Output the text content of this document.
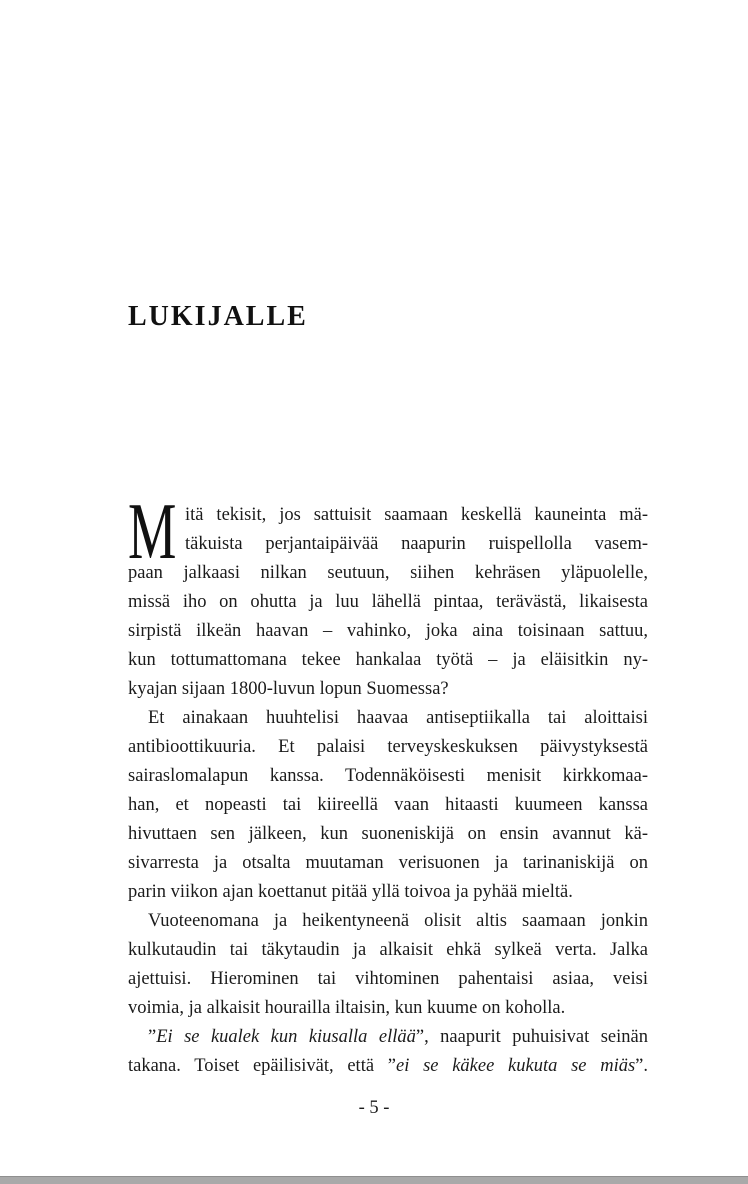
LUKIJALLE
Mitä tekisit, jos sattuisit saamaan keskellä kauneinta mä-
täkuista perjantaipäivää naapurin ruispellolla vasem-
paan jalkaasi nilkan seutuun, siihen kehräsen yläpuolelle,
missä iho on ohutta ja luu lähellä pintaa, terävästä, likaisesta
sirpistä ilkeän haavan – vahinko, joka aina toisinaan sattuu,
kun tottumattomana tekee hankalaa työtä – ja eläisitkin ny-
kyajan sijaan 1800-luvun lopun Suomessa?
Et ainakaan huuhtelisi haavaa antiseptiikalla tai aloittaisi
antibioottikuuria. Et palaisi terveyskeskuksen päivystyksestä
sairaslomalapun kanssa. Todennäköisesti menisit kirkkomaa-
han, et nopeasti tai kiireellä vaan hitaasti kuumeen kanssa
hivuttaen sen jälkeen, kun suoneniskijä on ensin avannut kä-
sivarresta ja otsalta muutaman verisuonen ja tarinaniskijä on
parin viikon ajan koettanut pitää yllä toivoa ja pyhää mieltä.
Vuoteenomana ja heikentyneenä olisit altis saamaan jonkin
kulkutaudin tai täkytaudin ja alkaisit ehkä sylkeä verta. Jalka
ajettuisi. Hierominen tai vihtominen pahentaisi asiaa, veisi
voimia, ja alkaisit hourailla iltaisin, kun kuume on koholla.
”Ei se kualek kun kiusalla ellää”, naapurit puhuisivat seinän
takana. Toiset epäilisivät, että ”ei se käkee kukuta se miäs”.
- 5 -
